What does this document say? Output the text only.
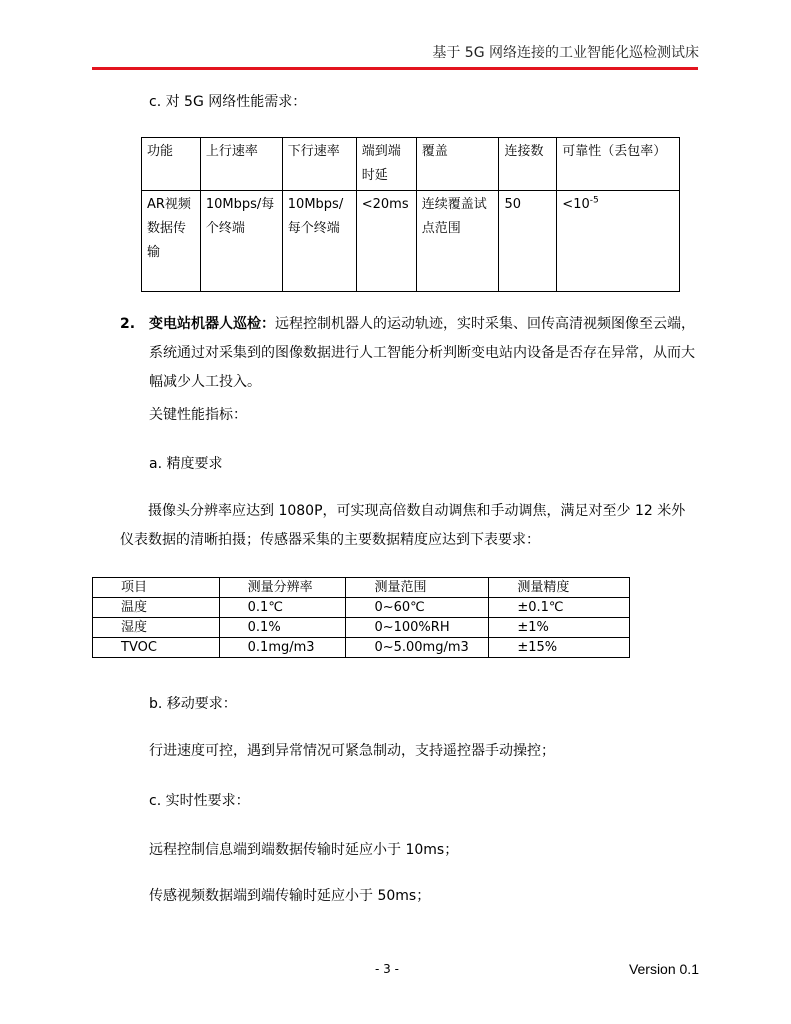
基于 5G 网络连接的工业智能化巡检测试床
c. 对 5G 网络性能需求：
功能	上行速率	下行速率	端到端时延	覆盖	连接数	可靠性（丢包率）
AR视频数据传输	10Mbps/每个终端	10Mbps/每个终端	<20ms	连续覆盖试点范围	50	$<10^{-5}$
2. 变电站机器人巡检：远程控制机器人的运动轨迹，实时采集、回传高清视频图像至云端，系统通过对采集到的图像数据进行人工智能分析判断变电站内设备是否存在异常，从而大幅减少人工投入。
关键性能指标：
a. 精度要求
摄像头分辨率应达到 1080P，可实现高倍数自动调焦和手动调焦，满足对至少 12 米外仪表数据的清晰拍摄；传感器采集的主要数据精度应达到下表要求：
项目	测量分辨率	测量范围	测量精度
温度	0.1℃	0~60℃	±0.1℃
湿度	0.1%	0~100%RH	±1%
TVOC	0.1mg/m3	0~5.00mg/m3	±15%
b. 移动要求：
行进速度可控，遇到异常情况可紧急制动，支持遥控器手动操控；
c. 实时性要求：
远程控制信息端到端数据传输时延应小于 10ms；
传感视频数据端到端传输时延应小于 50ms；
- 3 -	Version 0.1
